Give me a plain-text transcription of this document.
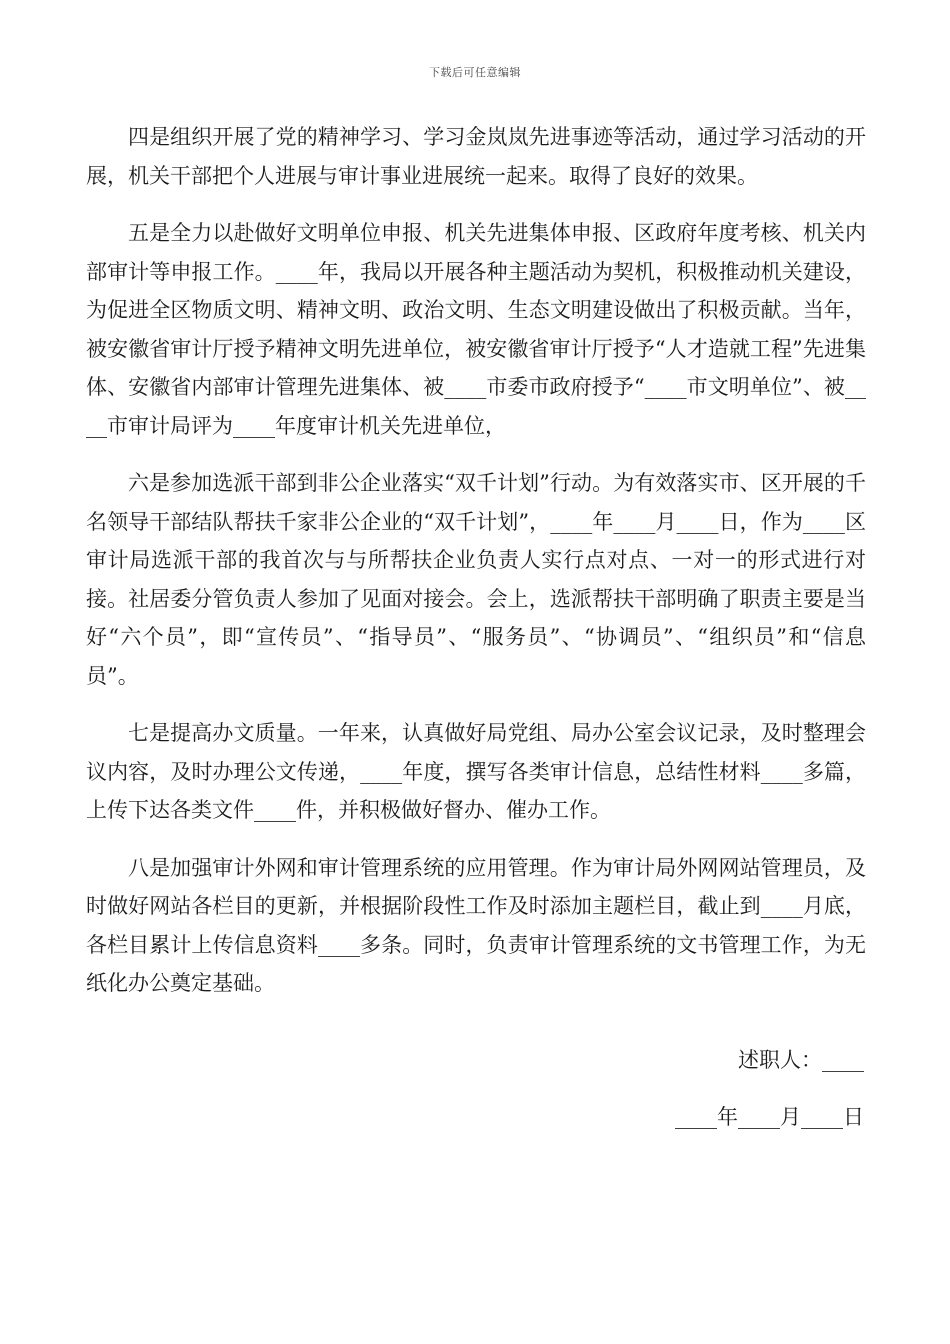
下载后可任意编辑

四是组织开展了党的精神学习、学习金岚岚先进事迹等活动，通过学习活动的开展，机关干部把个人进展与审计事业进展统一起来。取得了良好的效果。

五是全力以赴做好文明单位申报、机关先进集体申报、区政府年度考核、机关内部审计等申报工作。____年，我局以开展各种主题活动为契机，积极推动机关建设，为促进全区物质文明、精神文明、政治文明、生态文明建设做出了积极贡献。当年，被安徽省审计厅授予精神文明先进单位，被安徽省审计厅授予“人才造就工程”先进集体、安徽省内部审计管理先进集体、被____市委市政府授予“____市文明单位”、被____市审计局评为____年度审计机关先进单位，

六是参加选派干部到非公企业落实“双千计划”行动。为有效落实市、区开展的千名领导干部结队帮扶千家非公企业的“双千计划”，____年____月____日，作为____区审计局选派干部的我首次与与所帮扶企业负责人实行点对点、一对一的形式进行对接。社居委分管负责人参加了见面对接会。会上，选派帮扶干部明确了职责主要是当好“六个员”，即“宣传员”、“指导员”、“服务员”、“协调员”、“组织员”和“信息员”。

七是提高办文质量。一年来，认真做好局党组、局办公室会议记录，及时整理会议内容，及时办理公文传递，____年度，撰写各类审计信息，总结性材料____多篇，上传下达各类文件____件，并积极做好督办、催办工作。

八是加强审计外网和审计管理系统的应用管理。作为审计局外网网站管理员，及时做好网站各栏目的更新，并根据阶段性工作及时添加主题栏目，截止到____月底，各栏目累计上传信息资料____多条。同时，负责审计管理系统的文书管理工作，为无纸化办公奠定基础。

述职人：____
____年____月____日
